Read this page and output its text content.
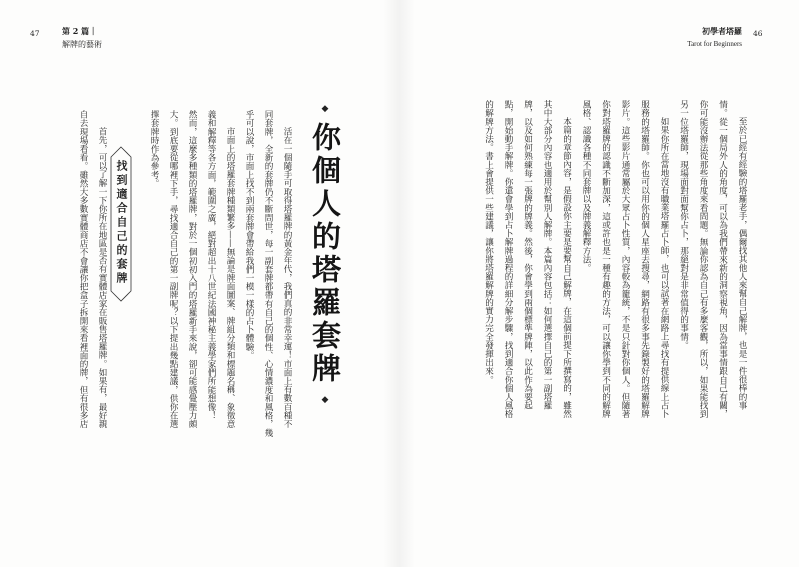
47	第 2 篇｜
解牌的藝術
◆
你個人的塔羅套牌
◆
活在一個隨手可取得塔羅牌的黃金年代，我們真的非常幸運！市面上有數百種不
同套牌，全新的套牌仍不斷問世，每一副套牌都帶有自己的個性、心情濃度和風格，幾
乎可以說，市面上找不到兩套牌會帶給我們一模一樣的占卜體驗。
市面上的塔羅套牌種類繁多——無論是牌面圖案、牌組分類和標題名稱、象徵意
義和解釋等各方面，範圍之廣，絕對超出十八世紀法國神秘主義學家們所能想像！
然而，這麼多種類的塔羅牌，對於一個初初入門的塔羅新手來說，卻可能感覺壓力頗
大。到底要從哪裡下手，尋找適合自己的第一副牌呢？以下提出幾點建議，供你在選
擇套牌時作為參考。
找到適合自己的套牌
首先，可以了解一下你所在地區是否有實體店家在販售塔羅牌。如果有，最好親
自去現場看看。雖然大多數實體商店不會讓你把盒子拆開來看裡面的牌，但有很多店
初學者塔羅
Tarot for Beginners
46
至於已經有經驗的塔羅老手，偶爾找其他人來幫自己解牌，也是一件很棒的事
情。從一個局外人的角度，可以為我們帶來新的洞察視角，因為當事情跟自己有關，
你可能沒辦法從那些角度來看問題。無論你認為自己有多麼客觀，所以，如果能找到
另一位塔羅師，現場面對面幫你占卜，那絕對是非常值得的事情。
如果你所在當地沒有職業塔羅占卜師，也可以試著在網路上尋找有提供線上占卜
服務的塔羅師。你也可以用你的個人星座去搜尋，網路有很多事先錄製好的塔羅解牌
影片。這些影片通常屬於大眾占卜性質，內容較為籠統，不是只針對你個人。但隨著
你對塔羅牌的認識不斷加深，這或許也是一種有趣的方法，可以讓你學到不同的解牌
風格、認識各種不同套牌以及牌義解釋方法。
本篇的章節內容，是假設你主要是要幫自己解牌，在這個前提下所撰寫的，雖然
其中大部分內容也適用於幫別人解牌。本篇內容包括：如何選擇自己的第一副塔羅
牌，以及如何熟練每一張牌的牌義。然後，你會學到兩個標準牌陣，以此作為要起
點，開始動手解牌。你還會學到占卜解牌過程的詳細分解步驟，找到適合你個人風格
的解牌方法。書上會提供一些建議，讓你將塔羅解牌的實力完全發揮出來。
